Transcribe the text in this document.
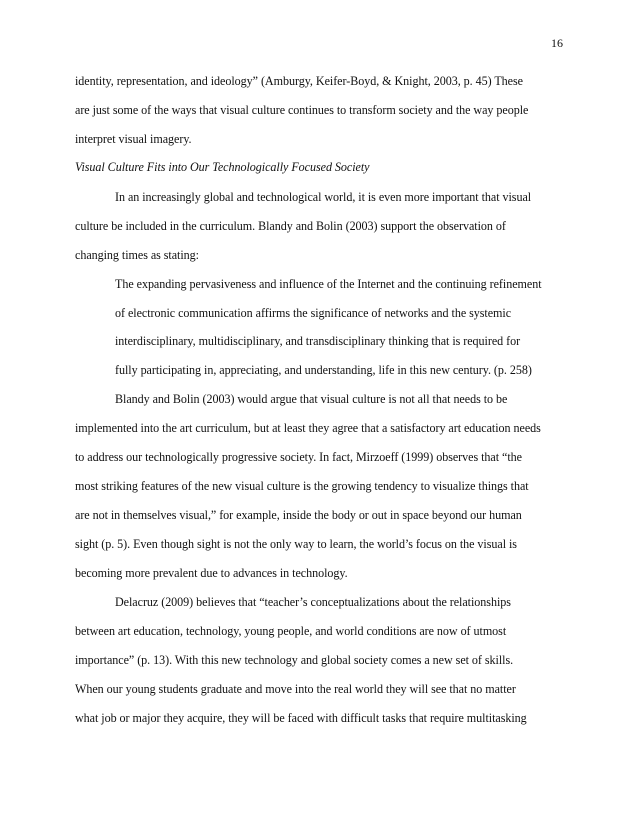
16
identity, representation, and ideology” (Amburgy, Keifer-Boyd, & Knight, 2003, p. 45) These
are just some of the ways that visual culture continues to transform society and the way people
interpret visual imagery.
Visual Culture Fits into Our Technologically Focused Society
In an increasingly global and technological world, it is even more important that visual
culture be included in the curriculum. Blandy and Bolin (2003) support the observation of
changing times as stating:
The expanding pervasiveness and influence of the Internet and the continuing refinement
of electronic communication affirms the significance of networks and the systemic
interdisciplinary, multidisciplinary, and transdisciplinary thinking that is required for
fully participating in, appreciating, and understanding, life in this new century. (p. 258)
Blandy and Bolin (2003) would argue that visual culture is not all that needs to be
implemented into the art curriculum, but at least they agree that a satisfactory art education needs
to address our technologically progressive society. In fact, Mirzoeff (1999) observes that “the
most striking features of the new visual culture is the growing tendency to visualize things that
are not in themselves visual,” for example, inside the body or out in space beyond our human
sight (p. 5). Even though sight is not the only way to learn, the world’s focus on the visual is
becoming more prevalent due to advances in technology.
Delacruz (2009) believes that “teacher’s conceptualizations about the relationships
between art education, technology, young people, and world conditions are now of utmost
importance” (p. 13). With this new technology and global society comes a new set of skills.
When our young students graduate and move into the real world they will see that no matter
what job or major they acquire, they will be faced with difficult tasks that require multitasking
